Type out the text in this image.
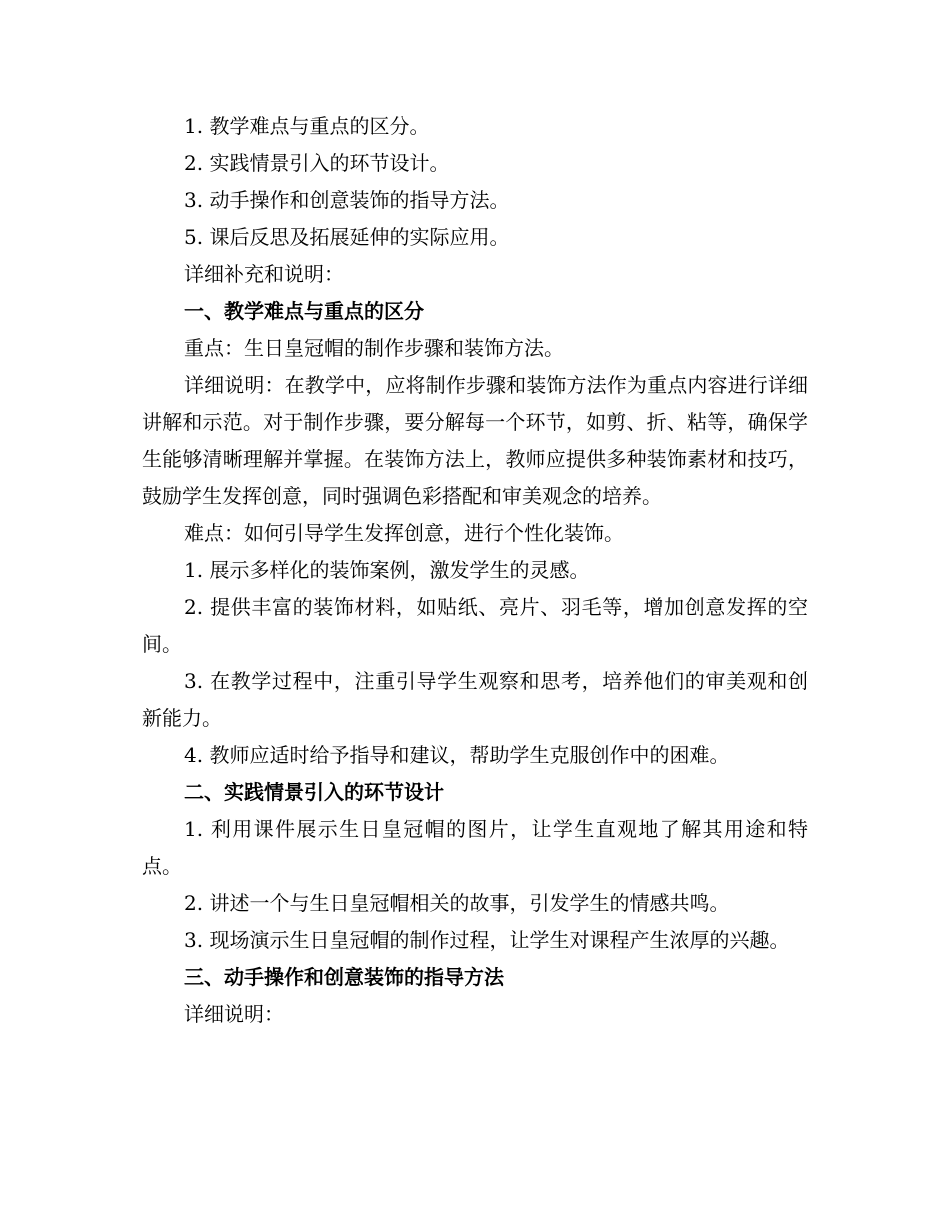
1. 教学难点与重点的区分。

2. 实践情景引入的环节设计。

3. 动手操作和创意装饰的指导方法。

5. 课后反思及拓展延伸的实际应用。

详细补充和说明：

一、教学难点与重点的区分

重点：生日皇冠帽的制作步骤和装饰方法。

详细说明：在教学中，应将制作步骤和装饰方法作为重点内容进行详细讲解和示范。对于制作步骤，要分解每一个环节，如剪、折、粘等，确保学生能够清晰理解并掌握。在装饰方法上，教师应提供多种装饰素材和技巧，鼓励学生发挥创意，同时强调色彩搭配和审美观念的培养。

难点：如何引导学生发挥创意，进行个性化装饰。

1. 展示多样化的装饰案例，激发学生的灵感。

2. 提供丰富的装饰材料，如贴纸、亮片、羽毛等，增加创意发挥的空间。

3. 在教学过程中，注重引导学生观察和思考，培养他们的审美观和创新能力。

4. 教师应适时给予指导和建议，帮助学生克服创作中的困难。

二、实践情景引入的环节设计

1. 利用课件展示生日皇冠帽的图片，让学生直观地了解其用途和特点。

2. 讲述一个与生日皇冠帽相关的故事，引发学生的情感共鸣。

3. 现场演示生日皇冠帽的制作过程，让学生对课程产生浓厚的兴趣。

三、动手操作和创意装饰的指导方法

详细说明：
